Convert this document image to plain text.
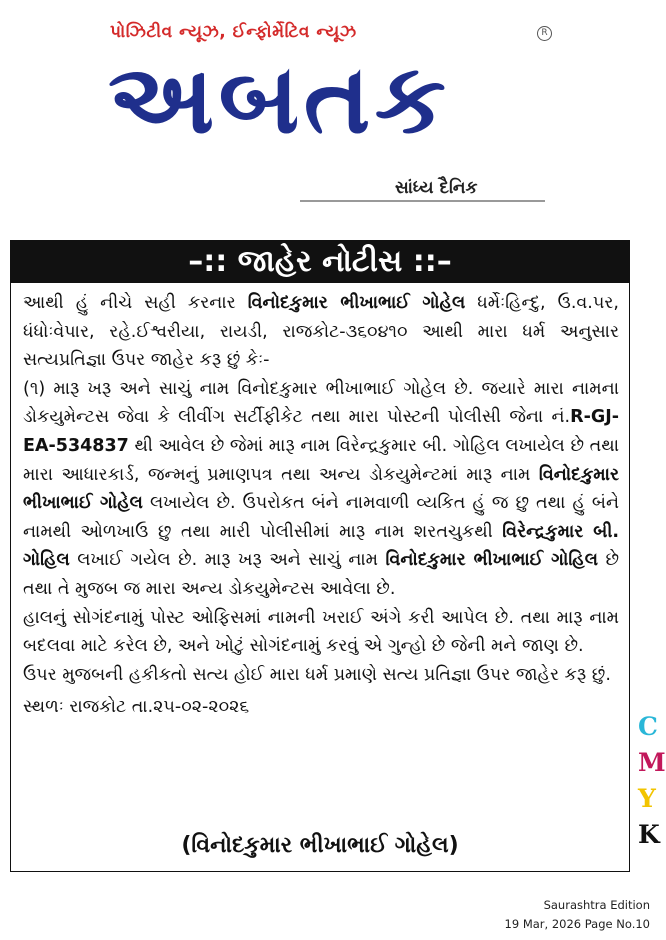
પોઝિટીવ ન્યૂઝ, ઈન્ફોર્મેટિવ ન્યૂઝ	R
અબતક
સાંધ્ય દૈનિક
–:: જાહેર નોટીસ ::–

આથી હું નીચે સહી કરનાર વિનોદકુમાર ભીખાભાઈ ગોહેલ ધર્મેઃહિન્દુ, ઉ.વ.૫ર, ધંધોઃવેપાર, રહે.ઈશ્વરીયા, રાયડી, રાજકોટ-૩૬૦૪૧૦ આથી મારા ધર્મ અનુસાર સત્યપ્રતિજ્ઞા ઉપર જાહેર કરૂ છું કેઃ-

(૧) મારૂ ખરૂ અને સાચું નામ વિનોદકુમાર ભીખાભાઈ ગોહેલ છે. જયારે મારા નામના ડોકયુમેન્ટસ જેવા કે લીવીંગ સર્ટીફીકેટ તથા મારા પોસ્ટની પોલીસી જેના નં.R-GJ-EA-534837 થી આવેલ છે જેમાં મારૂ નામ વિરેન્દ્રકુમાર બી. ગોહિલ લખાયેલ છે તથા મારા આધારકાર્ડ, જન્મનું પ્રમાણપત્ર તથા અન્ય ડોકયુમેન્ટમાં મારૂ નામ વિનોદકુમાર ભીખાભાઈ ગોહેલ લખાયેલ છે. ઉપરોકત બંને નામવાળી વ્યકિત હું જ છુ તથા હું બંને નામથી ઓળખાઉ છુ તથા મારી પોલીસીમાં મારૂ નામ શરતચુકથી વિરેન્દ્રકુમાર બી. ગોહિલ લખાઈ ગયેલ છે. મારૂ ખરૂ અને સાચું નામ વિનોદકુમાર ભીખાભાઈ ગોહિલ છે તથા તે મુજબ જ મારા અન્ય ડોકયુમેન્ટસ આવેલા છે.

હાલનું સોગંદનામું પોસ્ટ ઓફિસમાં નામની ખરાઈ અંગે કરી આપેલ છે. તથા મારૂ નામ બદલવા માટે કરેલ છે, અને ખોટું સોગંદનામું કરવું એ ગુન્હો છે જેની મને જાણ છે.

ઉપર મુજબની હકીકતો સત્ય હોઈ મારા ધર્મ પ્રમાણે સત્ય પ્રતિજ્ઞા ઉપર જાહેર કરૂ છું.

સ્થળઃ રાજકોટ તા.૨૫-૦૨-૨૦૨૬

(વિનોદકુમાર ભીખાભાઈ ગોહેલ)
C
M
Y
K
Saurashtra Edition
19 Mar, 2026 Page No.10
